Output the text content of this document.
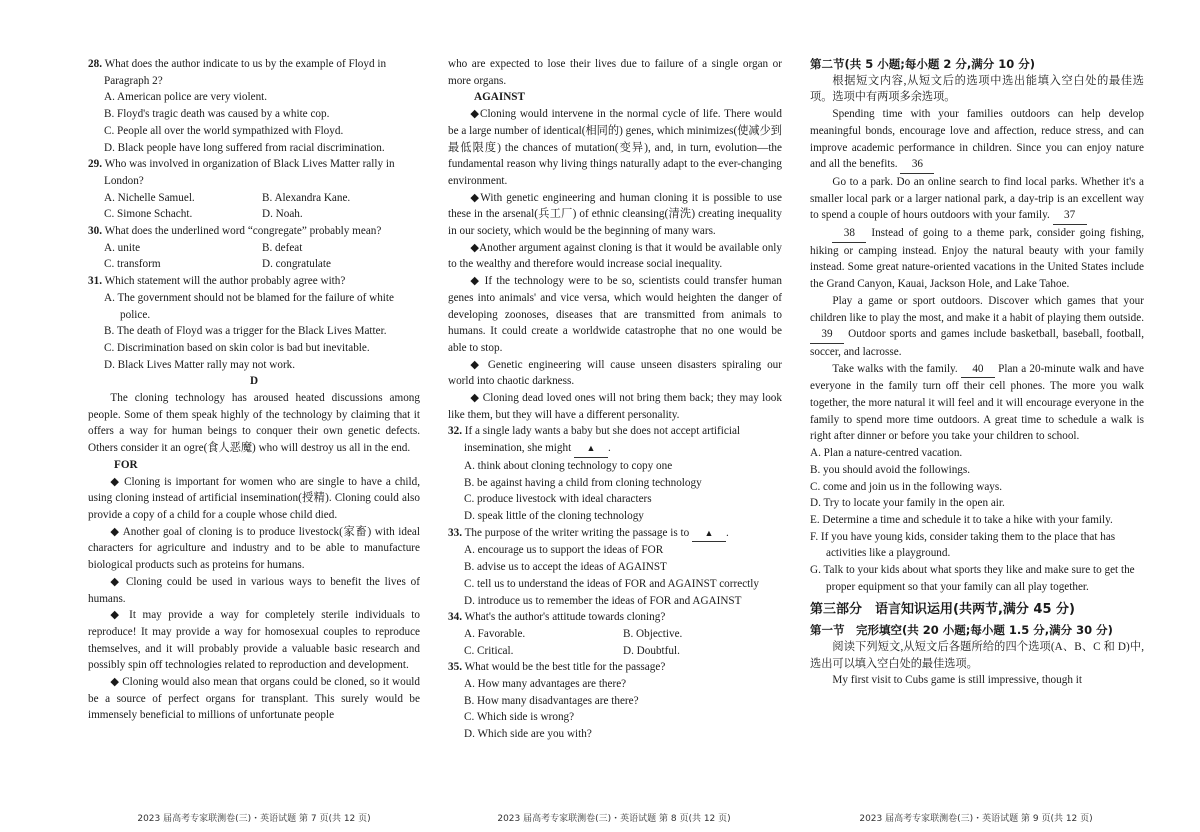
28. What does the author indicate to us by the example of Floyd in Paragraph 2?
A. American police are very violent.
B. Floyd's tragic death was caused by a white cop.
C. People all over the world sympathized with Floyd.
D. Black people have long suffered from racial discrimination.
29. Who was involved in organization of Black Lives Matter rally in London?
A. Nichelle Samuel.	B. Alexandra Kane.
C. Simone Schacht.	D. Noah.
30. What does the underlined word “congregate” probably mean?
A. unite	B. defeat
C. transform	D. congratulate
31. Which statement will the author probably agree with?
A. The government should not be blamed for the failure of white police.
B. The death of Floyd was a trigger for the Black Lives Matter.
C. Discrimination based on skin color is bad but inevitable.
D. Black Lives Matter rally may not work.
D
The cloning technology has aroused heated discussions among people. Some of them speak highly of the technology by claiming that it offers a way for human beings to conquer their own genetic defects. Others consider it an ogre(食人恶魔) who will destroy us all in the end.
FOR
◆ Cloning is important for women who are single to have a child, using cloning instead of artificial insemination(授精). Cloning could also provide a copy of a child for a couple whose child died.
◆ Another goal of cloning is to produce livestock(家畜) with ideal characters for agriculture and industry and to be able to manufacture biological products such as proteins for humans.
◆ Cloning could be used in various ways to benefit the lives of humans.
◆ It may provide a way for completely sterile individuals to reproduce! It may provide a way for homosexual couples to reproduce themselves, and it will probably provide a valuable basic research and possibly spin off technologies related to reproduction and development.
◆ Cloning would also mean that organs could be cloned, so it would be a source of perfect organs for transplant. This surely would be immensely beneficial to millions of unfortunate people
who are expected to lose their lives due to failure of a single organ or more organs.
AGAINST
◆Cloning would intervene in the normal cycle of life. There would be a large number of identical(相同的) genes, which minimizes(使减少到最低限度) the chances of mutation(变异), and, in turn, evolution—the fundamental reason why living things naturally adapt to the ever-changing environment.
◆With genetic engineering and human cloning it is possible to use these in the arsenal(兵工厂) of ethnic cleansing(清洗) creating inequality in our society, which would be the beginning of many wars.
◆Another argument against cloning is that it would be available only to the wealthy and therefore would increase social inequality.
◆ If the technology were to be so, scientists could transfer human genes into animals' and vice versa, which would heighten the danger of developing zoonoses, diseases that are transmitted from animals to humans. It could create a worldwide catastrophe that no one would be able to stop.
◆ Genetic engineering will cause unseen disasters spiraling our world into chaotic darkness.
◆ Cloning dead loved ones will not bring them back; they may look like them, but they will have a different personality.
32. If a single lady wants a baby but she does not accept artificial insemination, she might ▲ .
A. think about cloning technology to copy one
B. be against having a child from cloning technology
C. produce livestock with ideal characters
D. speak little of the cloning technology
33. The purpose of the writer writing the passage is to ▲ .
A. encourage us to support the ideas of FOR
B. advise us to accept the ideas of AGAINST
C. tell us to understand the ideas of FOR and AGAINST correctly
D. introduce us to remember the ideas of FOR and AGAINST
34. What's the author's attitude towards cloning?
A. Favorable.	B. Objective.
C. Critical.	D. Doubtful.
35. What would be the best title for the passage?
A. How many advantages are there?
B. How many disadvantages are there?
C. Which side is wrong?
D. Which side are you with?
第二节(共 5 小题;每小题 2 分,满分 10 分)
根据短文内容,从短文后的选项中选出能填入空白处的最佳选项。选项中有两项多余选项。
Spending time with your families outdoors can help develop meaningful bonds, encourage love and affection, reduce stress, and can improve academic performance in children. Since you can enjoy nature and all the benefits. 36
Go to a park. Do an online search to find local parks. Whether it's a smaller local park or a larger national park, a day-trip is an excellent way to spend a couple of hours outdoors with your family. 37
38 Instead of going to a theme park, consider going fishing, hiking or camping instead. Enjoy the natural beauty with your family instead. Some great nature-oriented vacations in the United States include the Grand Canyon, Kauai, Jackson Hole, and Lake Tahoe.
Play a game or sport outdoors. Discover which games that your children like to play the most, and make it a habit of playing them outside. 39 Outdoor sports and games include basketball, baseball, football, soccer, and lacrosse.
Take walks with the family. 40 Plan a 20-minute walk and have everyone in the family turn off their cell phones. The more you walk together, the more natural it will feel and it will encourage everyone in the family to spend more time outdoors. A great time to schedule a walk is right after dinner or before you take your children to school.
A. Plan a nature-centred vacation.
B. you should avoid the followings.
C. come and join us in the following ways.
D. Try to locate your family in the open air.
E. Determine a time and schedule it to take a hike with your family.
F. If you have young kids, consider taking them to the place that has activities like a playground.
G. Talk to your kids about what sports they like and make sure to get the proper equipment so that your family can all play together.
第三部分　语言知识运用(共两节,满分 45 分)
第一节　完形填空(共 20 小题;每小题 1.5 分,满分 30 分)
阅读下列短文,从短文后各题所给的四个选项(A、B、C 和 D)中,选出可以填入空白处的最佳选项。
My first visit to Cubs game is still impressive, though it
2023 届高考专家联测卷(三)・英语试题 第 7 页(共 12 页)	2023 届高考专家联测卷(三)・英语试题 第 8 页(共 12 页)	2023 届高考专家联测卷(三)・英语试题 第 9 页(共 12 页)
